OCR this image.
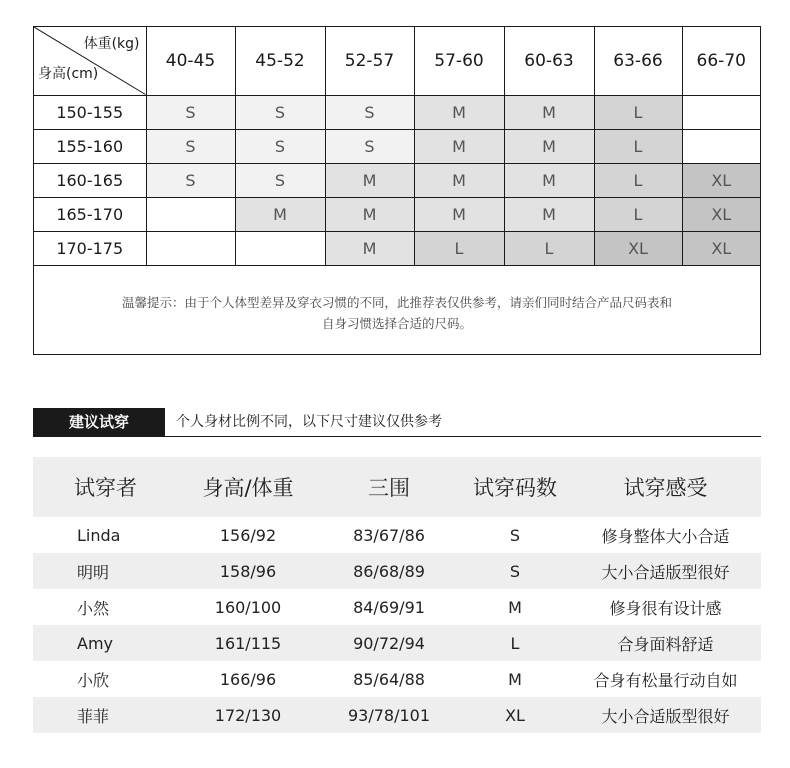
体重(kg)
身高(cm)	40-45	45-52	52-57	57-60	60-63	63-66	66-70
150-155	S	S	S	M	M	L	
155-160	S	S	S	M	M	L	
160-165	S	S	M	M	M	L	XL
165-170		M	M	M	M	L	XL
170-175			M	L	L	XL	XL
温馨提示：由于个人体型差异及穿衣习惯的不同，此推荐表仅供参考，请亲们同时结合产品尺码表和
自身习惯选择合适的尺码。
建议试穿	个人身材比例不同，以下尺寸建议仅供参考
试穿者	身高/体重	三围	试穿码数	试穿感受
Linda	156/92	83/67/86	S	修身整体大小合适
明明	158/96	86/68/89	S	大小合适版型很好
小然	160/100	84/69/91	M	修身很有设计感
Amy	161/115	90/72/94	L	合身面料舒适
小欣	166/96	85/64/88	M	合身有松量行动自如
菲菲	172/130	93/78/101	XL	大小合适版型很好
